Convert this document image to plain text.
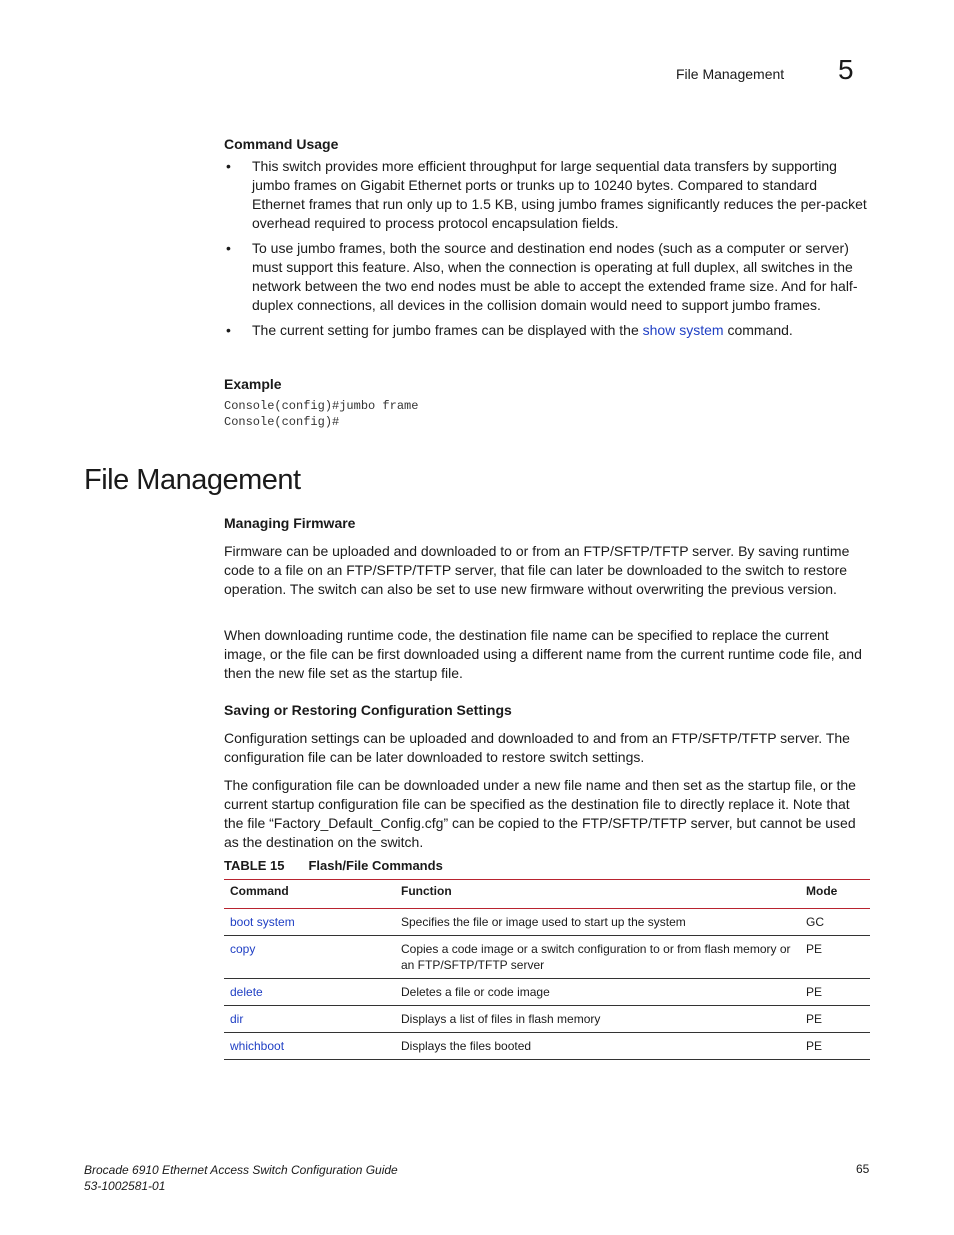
File Management 5
Command Usage
• This switch provides more efficient throughput for large sequential data transfers by supporting jumbo frames on Gigabit Ethernet ports or trunks up to 10240 bytes. Compared to standard Ethernet frames that run only up to 1.5 KB, using jumbo frames significantly reduces the per-packet overhead required to process protocol encapsulation fields.
• To use jumbo frames, both the source and destination end nodes (such as a computer or server) must support this feature. Also, when the connection is operating at full duplex, all switches in the network between the two end nodes must be able to accept the extended frame size. And for half-duplex connections, all devices in the collision domain would need to support jumbo frames.
• The current setting for jumbo frames can be displayed with the show system command.
Example
Console(config)#jumbo frame
Console(config)#
File Management
Managing Firmware
Firmware can be uploaded and downloaded to or from an FTP/SFTP/TFTP server. By saving runtime code to a file on an FTP/SFTP/TFTP server, that file can later be downloaded to the switch to restore operation. The switch can also be set to use new firmware without overwriting the previous version.
When downloading runtime code, the destination file name can be specified to replace the current image, or the file can be first downloaded using a different name from the current runtime code file, and then the new file set as the startup file.
Saving or Restoring Configuration Settings
Configuration settings can be uploaded and downloaded to and from an FTP/SFTP/TFTP server. The configuration file can be later downloaded to restore switch settings.
The configuration file can be downloaded under a new file name and then set as the startup file, or the current startup configuration file can be specified as the destination file to directly replace it. Note that the file “Factory_Default_Config.cfg” can be copied to the FTP/SFTP/TFTP server, but cannot be used as the destination on the switch.
TABLE 15 Flash/File Commands
Command	Function	Mode
boot system	Specifies the file or image used to start up the system	GC
copy	Copies a code image or a switch configuration to or from flash memory or an FTP/SFTP/TFTP server	PE
delete	Deletes a file or code image	PE
dir	Displays a list of files in flash memory	PE
whichboot	Displays the files booted	PE
Brocade 6910 Ethernet Access Switch Configuration Guide
53-1002581-01
65
